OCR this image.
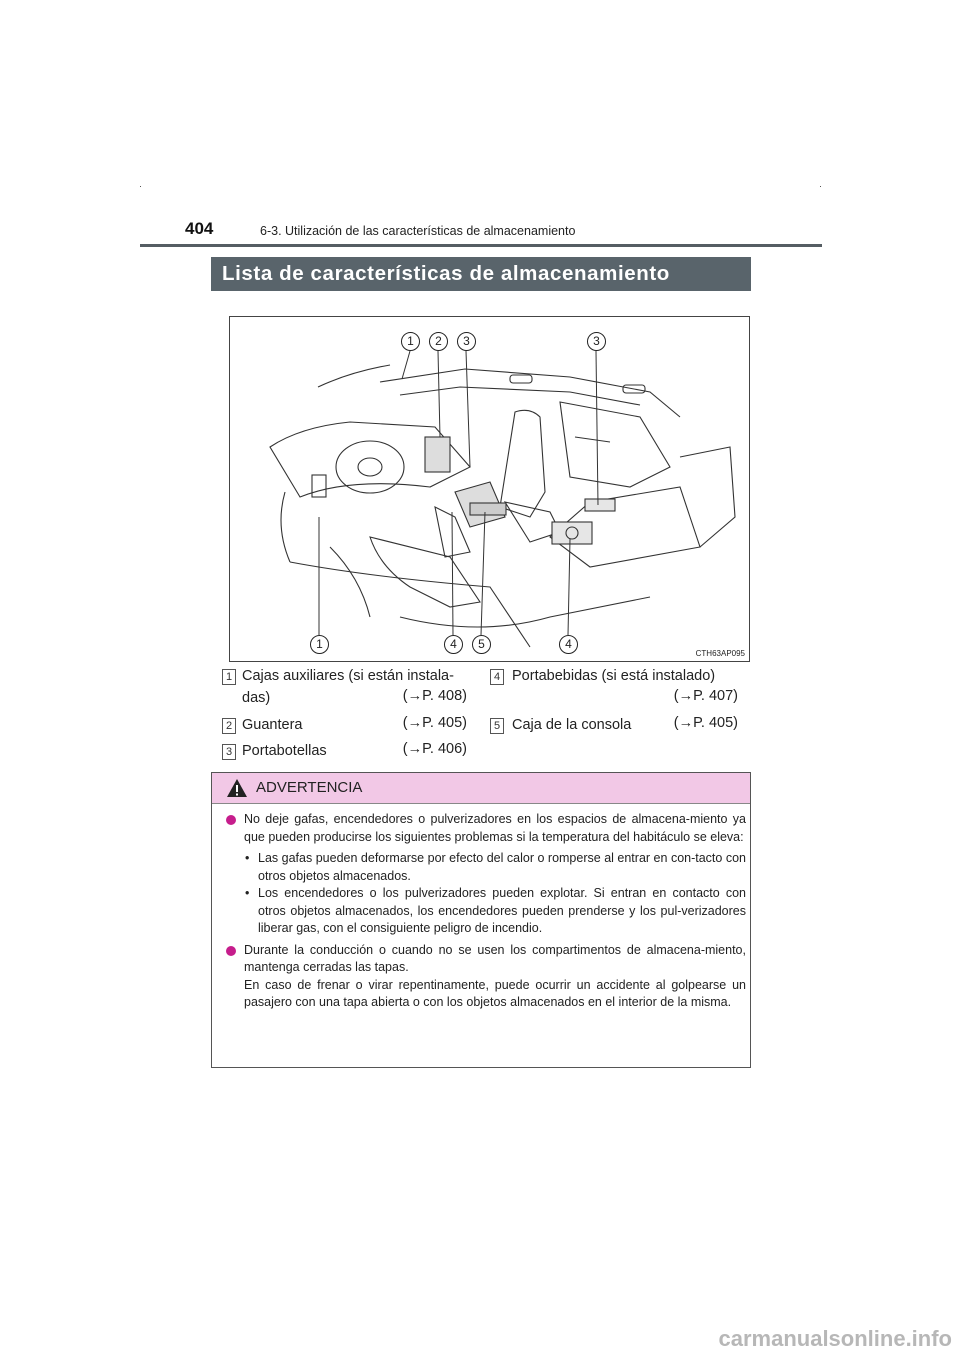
404	6-3. Utilización de las características de almacenamiento
Lista de características de almacenamiento
1	2	3	3
1	4	5	4
CTH63AP095
1 Cajas auxiliares (si están instala-
das)	(→P. 408)
2 Guantera	(→P. 405)
3 Portabotellas	(→P. 406)
4 Portabebidas (si está instalado)
(→P. 407)
5 Caja de la consola	(→P. 405)
ADVERTENCIA
No deje gafas, encendedores o pulverizadores en los espacios de almacena-miento ya que pueden producirse los siguientes problemas si la temperatura del habitáculo se eleva:
• Las gafas pueden deformarse por efecto del calor o romperse al entrar en con-tacto con otros objetos almacenados.
• Los encendedores o los pulverizadores pueden explotar. Si entran en contacto con otros objetos almacenados, los encendedores pueden prenderse y los pul-verizadores liberar gas, con el consiguiente peligro de incendio.
Durante la conducción o cuando no se usen los compartimentos de almacena-miento, mantenga cerradas las tapas.
En caso de frenar o virar repentinamente, puede ocurrir un accidente al golpearse un pasajero con una tapa abierta o con los objetos almacenados en el interior de la misma.
carmanualsonline.info
